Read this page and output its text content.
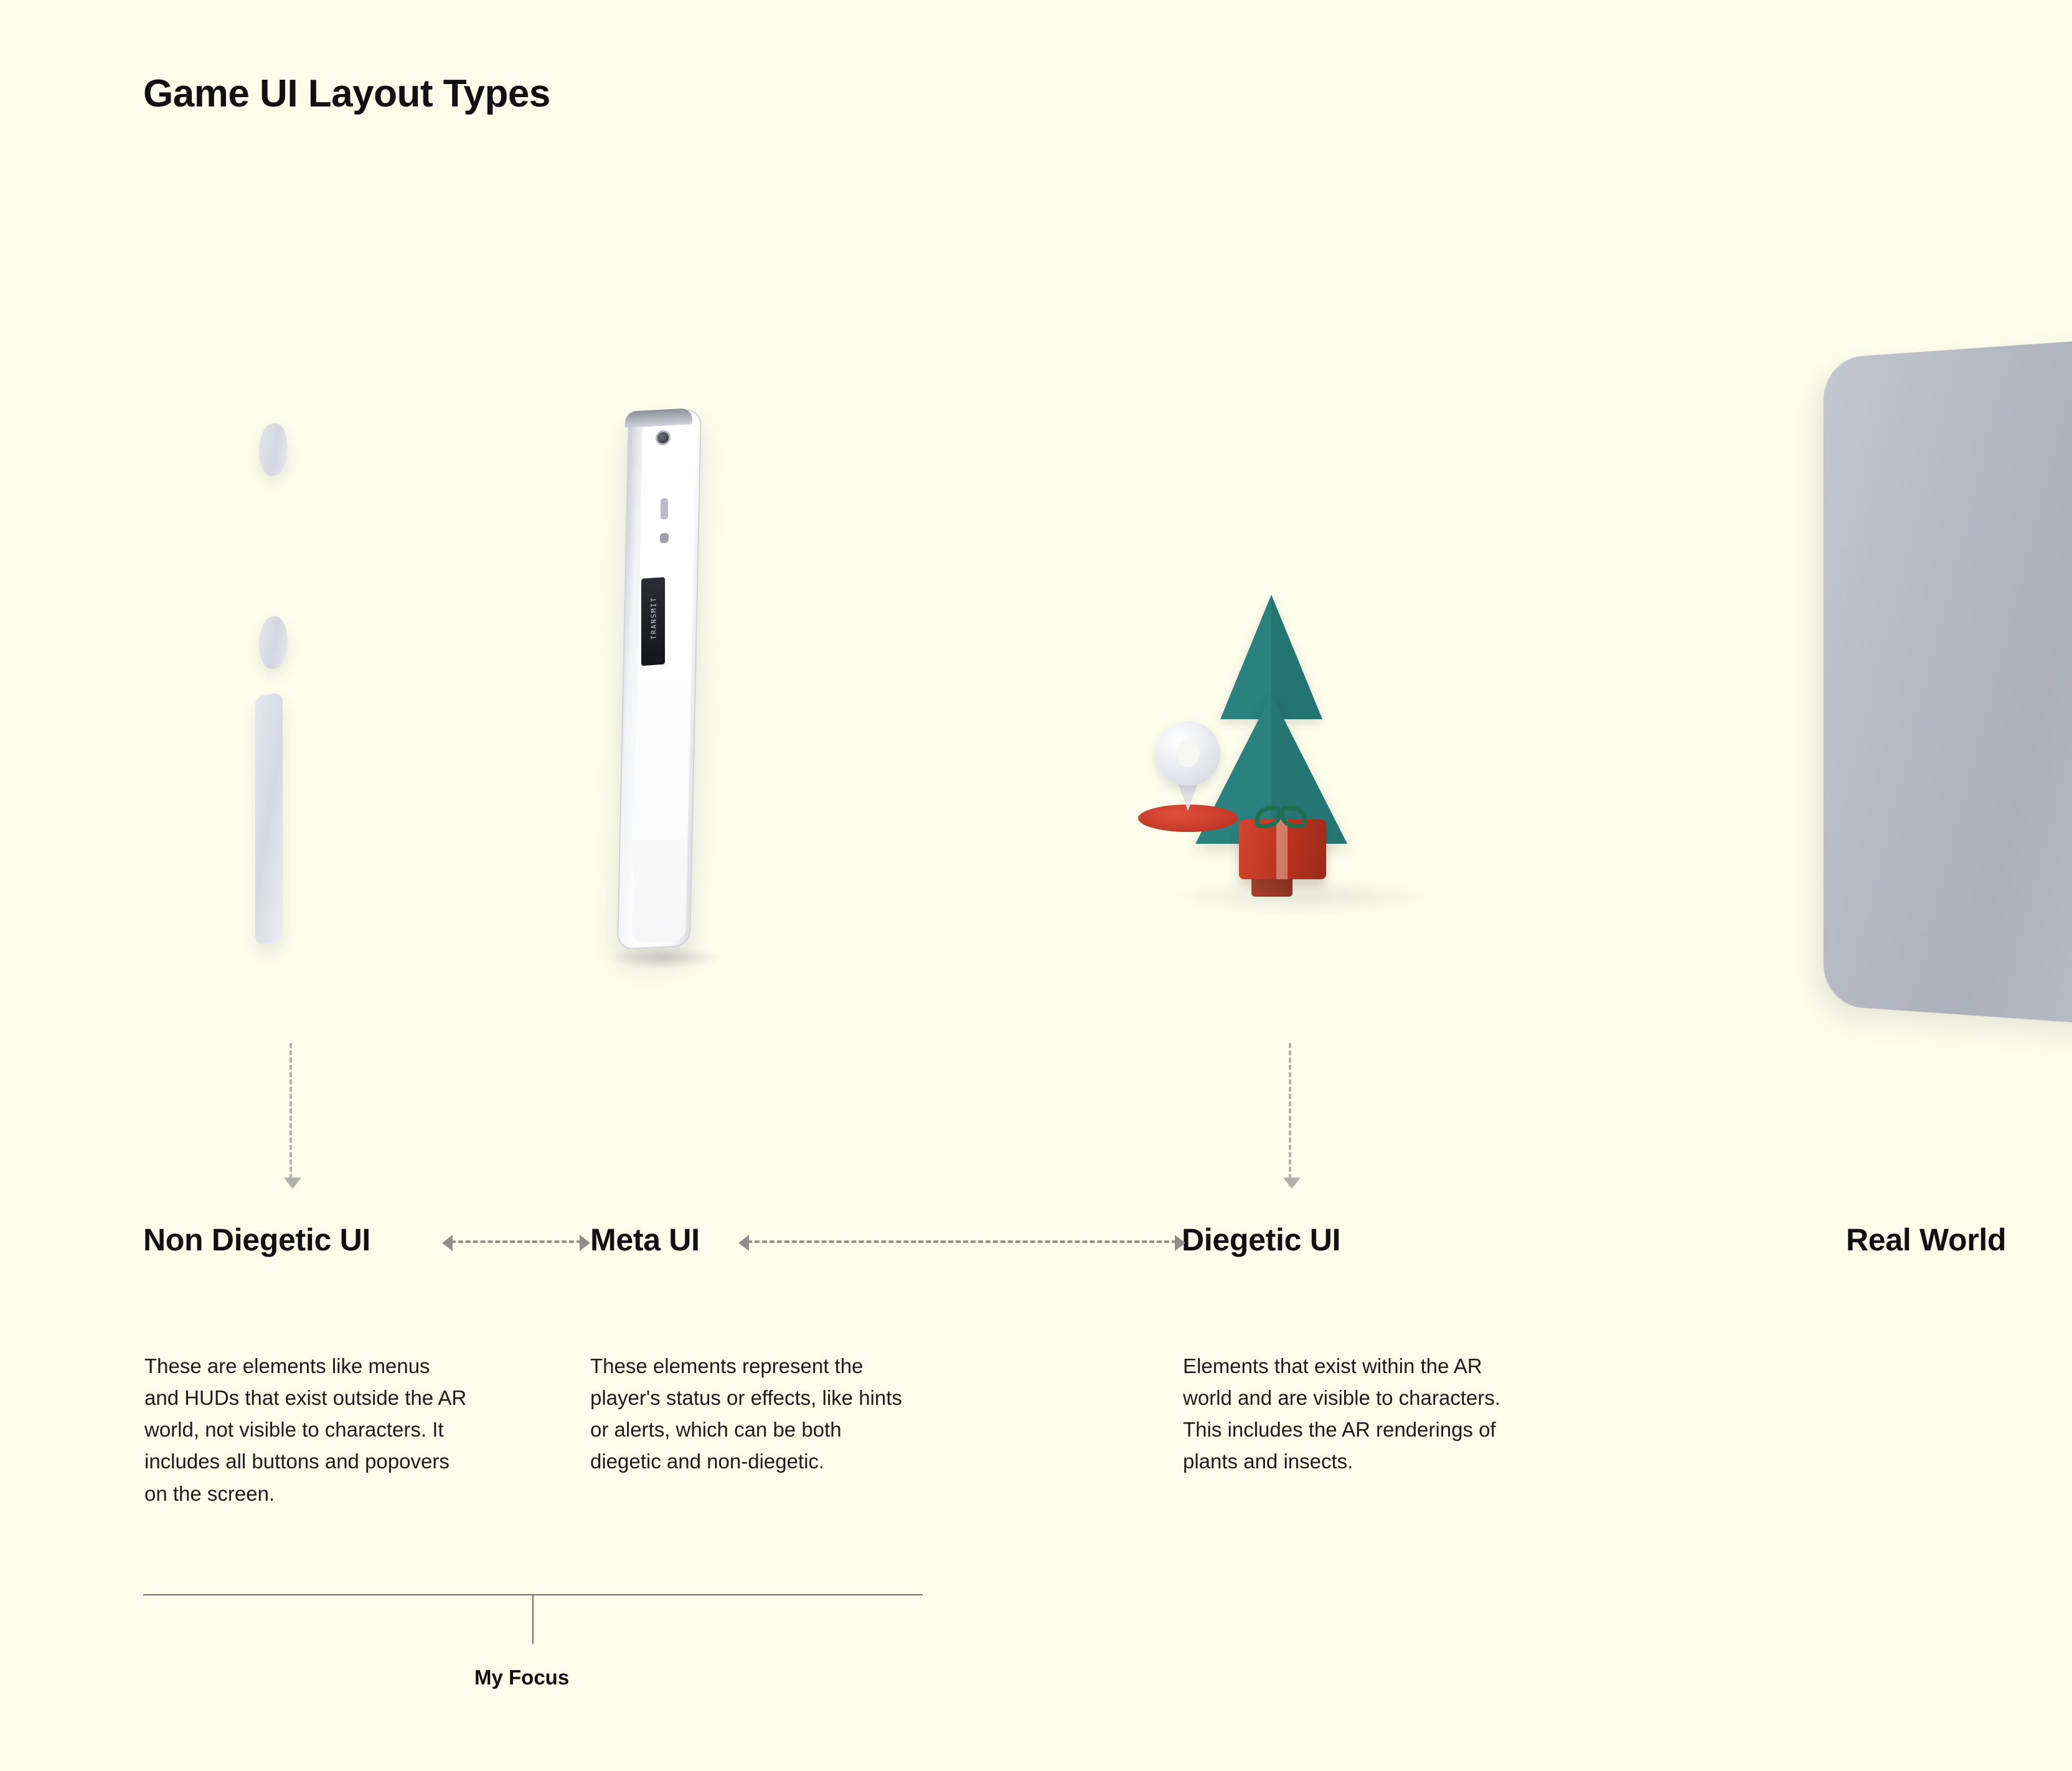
Game UI Layout Types
TRANSMIT
Non Diegetic UI	Meta UI	Diegetic UI	Real World
These are elements like menus and HUDs that exist outside the AR world, not visible to characters. It includes all buttons and popovers on the screen.
These elements represent the player's status or effects, like hints or alerts, which can be both diegetic and non-diegetic.
Elements that exist within the AR world and are visible to characters. This includes the AR renderings of plants and insects.
My Focus
